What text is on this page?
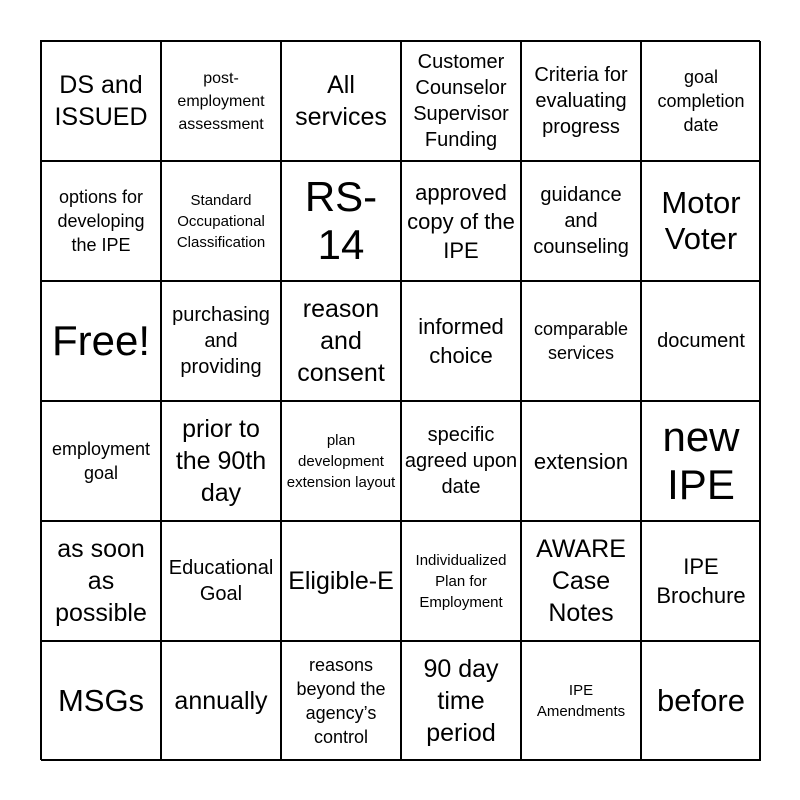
DS and ISSUED
post-employment assessment
All services
Customer Counselor Supervisor Funding
Criteria for evaluating progress
goal completion date
options for developing the IPE
Standard Occupational Classification
RS-14
approved copy of the IPE
guidance and counseling
Motor Voter
Free!
purchasing and providing
reason and consent
informed choice
comparable services
document
employment goal
prior to the 90th day
plan development extension layout
specific agreed upon date
extension
new IPE
as soon as possible
Educational Goal	Eligible-E
Individualized Plan for Employment
AWARE Case Notes
IPE Brochure
MSGs annually
reasons beyond the agency’s control
90 day time period
IPE Amendments	before
